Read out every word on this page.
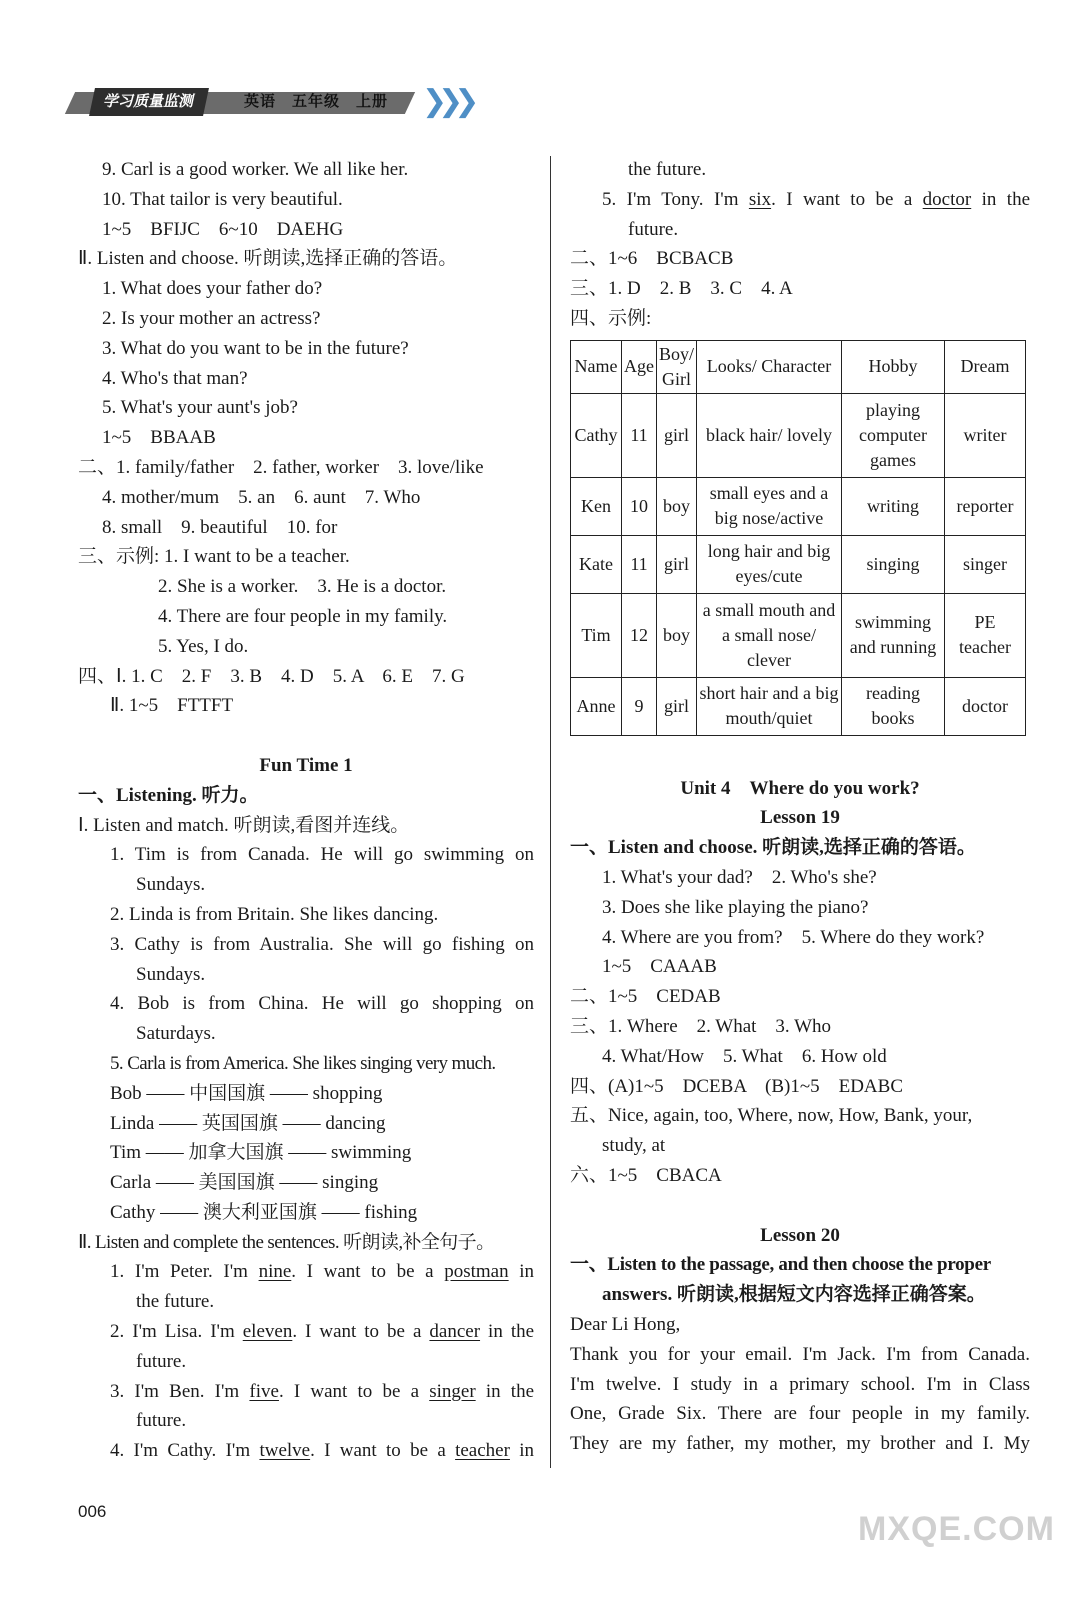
学习质量监测	英语　五年级　上册 ❯❯❯
9. Carl is a good worker. We all like her.
10. That tailor is very beautiful.
1~5　BFIJC　6~10　DAEHG
Ⅱ. Listen and choose. 听朗读,选择正确的答语。
1. What does your father do?
2. Is your mother an actress?
3. What do you want to be in the future?
4. Who's that man?
5. What's your aunt's job?
1~5　BBAAB
二、1. family/father　2. father, worker　3. love/like
4. mother/mum　5. an　6. aunt　7. Who
8. small　9. beautiful　10. for
三、示例: 1. I want to be a teacher.
2. She is a worker.　3. He is a doctor.
4. There are four people in my family.
5. Yes, I do.
四、Ⅰ. 1. C　2. F　3. B　4. D　5. A　6. E　7. G
Ⅱ. 1~5　FTTFT
Fun Time 1
一、Listening. 听力。
Ⅰ. Listen and match. 听朗读,看图并连线。
1. Tim is from Canada. He will go swimming on
Sundays.
2. Linda is from Britain. She likes dancing.
3. Cathy is from Australia. She will go fishing on
Sundays.
4. Bob is from China. He will go shopping on
Saturdays.
5. Carla is from America. She likes singing very much.
Bob —— 中国国旗 —— shopping
Linda —— 英国国旗 —— dancing
Tim —— 加拿大国旗 —— swimming
Carla —— 美国国旗 —— singing
Cathy —— 澳大利亚国旗 —— fishing
Ⅱ. Listen and complete the sentences. 听朗读,补全句子。
1. I'm Peter. I'm nine. I want to be a postman in
the future.
2. I'm Lisa. I'm eleven. I want to be a dancer in the
future.
3. I'm Ben. I'm five. I want to be a singer in the
future.
4. I'm Cathy. I'm twelve. I want to be a teacher in
the future.
5. I'm Tony. I'm six. I want to be a doctor in the
future.
二、1~6　BCBACB
三、1. D　2. B　3. C　4. A
四、示例:
Name	Age	Boy/ Girl	Looks/ Character	Hobby	Dream
Cathy	11	girl	black hair/ lovely	playing computer games	writer
Ken	10	boy	small eyes and a big nose/active	writing	reporter
Kate	11	girl	long hair and big eyes/cute	singing	singer
Tim	12	boy	a small mouth and a small nose/ clever	swimming and running	PE teacher
Anne	9	girl	short hair and a big mouth/quiet	reading books	doctor
Unit 4　Where do you work?
Lesson 19
一、Listen and choose. 听朗读,选择正确的答语。
1. What's your dad?　2. Who's she?
3. Does she like playing the piano?
4. Where are you from?　5. Where do they work?
1~5　CAAAB
二、1~5　CEDAB
三、1. Where　2. What　3. Who
4. What/How　5. What　6. How old
四、(A)1~5　DCEBA　(B)1~5　EDABC
五、Nice, again, too, Where, now, How, Bank, your,
study, at
六、1~5　CBACA
Lesson 20
一、Listen to the passage, and then choose the proper
answers. 听朗读,根据短文内容选择正确答案。
Dear Li Hong,
Thank you for your email. I'm Jack. I'm from Canada.
I'm twelve. I study in a primary school. I'm in Class
One, Grade Six. There are four people in my family.
They are my father, my mother, my brother and I. My
006	MXQE.COM
